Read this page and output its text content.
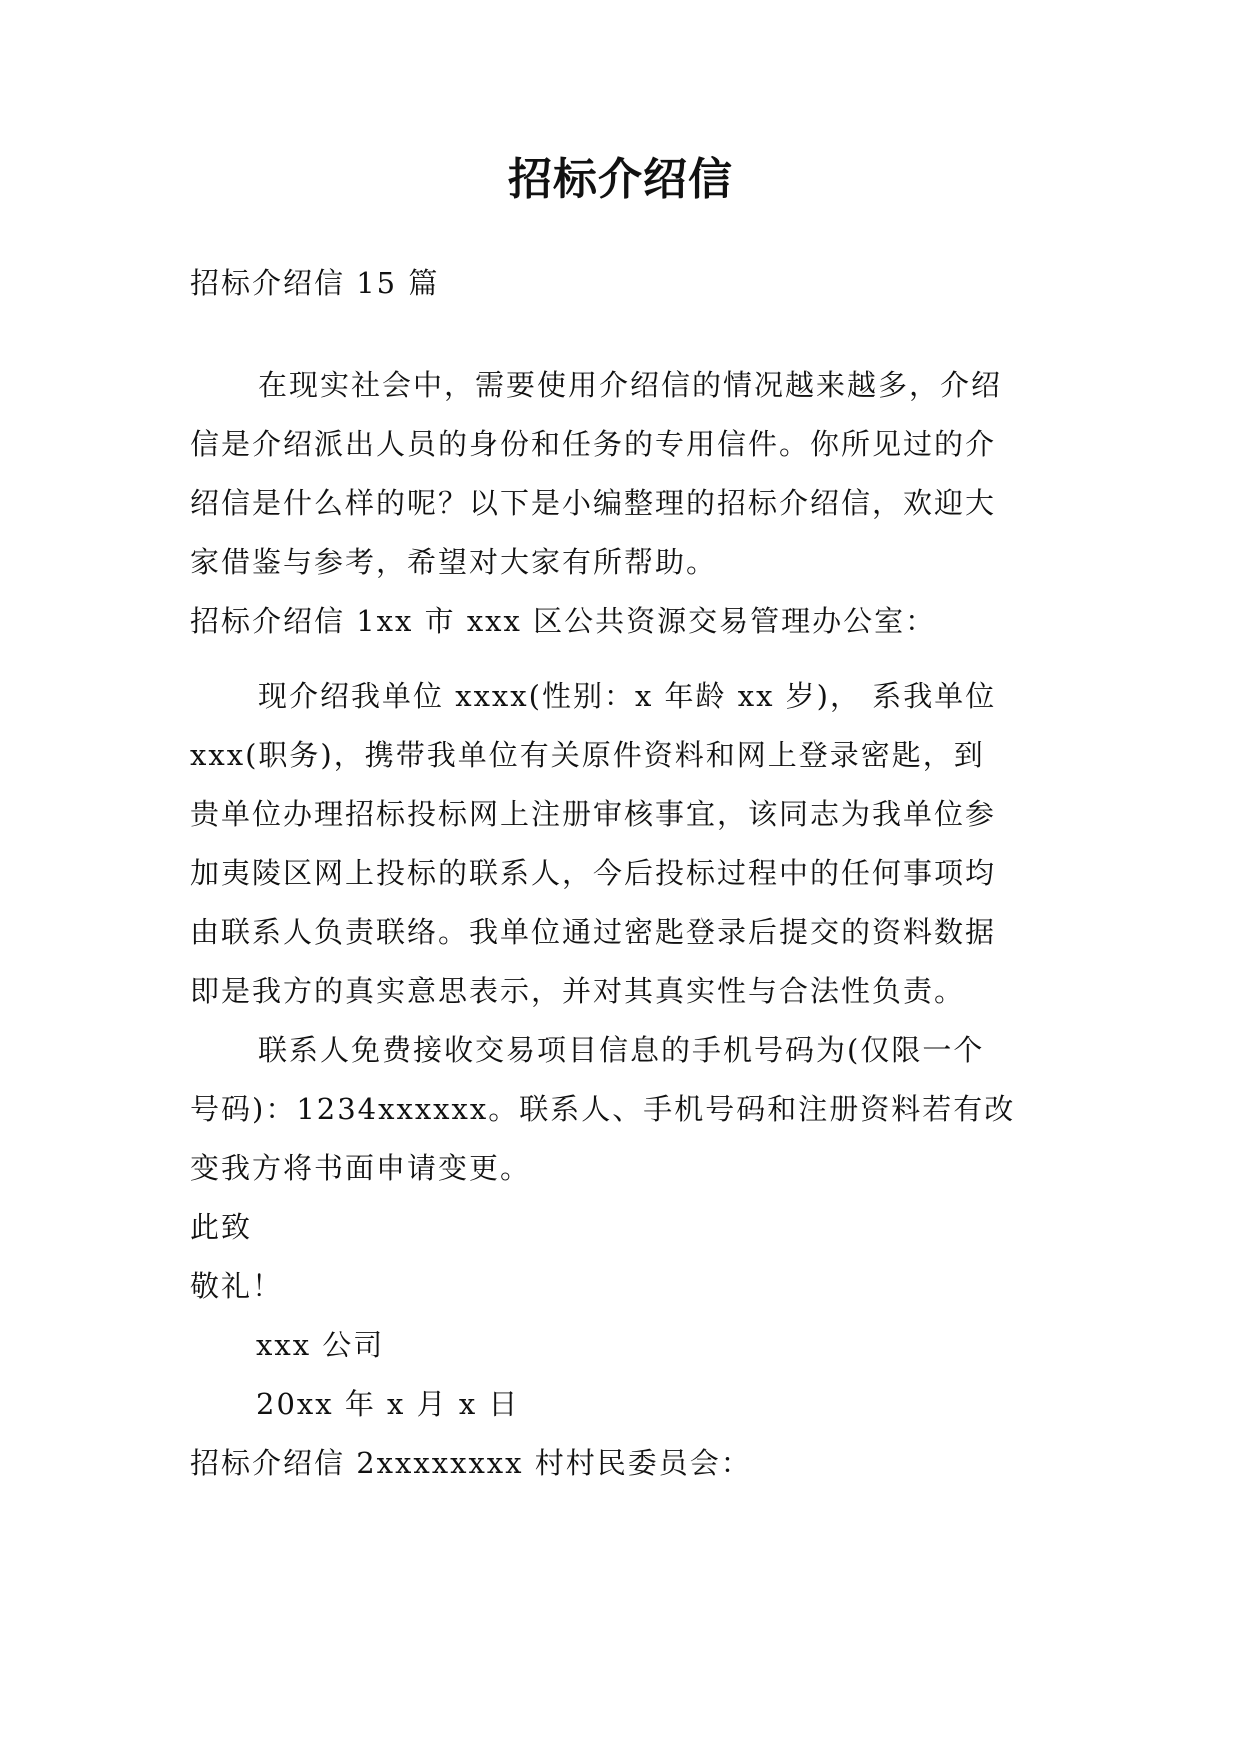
招标介绍信

招标介绍信 15 篇

在现实社会中，需要使用介绍信的情况越来越多，介绍

信是介绍派出人员的身份和任务的专用信件。你所见过的介

绍信是什么样的呢？以下是小编整理的招标介绍信，欢迎大

家借鉴与参考，希望对大家有所帮助。

招标介绍信 1xx 市 xxx 区公共资源交易管理办公室：

现介绍我单位 xxxx(性别：x 年龄 xx 岁)， 系我单位

xxx(职务)，携带我单位有关原件资料和网上登录密匙，到

贵单位办理招标投标网上注册审核事宜，该同志为我单位参

加夷陵区网上投标的联系人，今后投标过程中的任何事项均

由联系人负责联络。我单位通过密匙登录后提交的资料数据

即是我方的真实意思表示，并对其真实性与合法性负责。

联系人免费接收交易项目信息的手机号码为(仅限一个

号码)：1234xxxxxx。联系人、手机号码和注册资料若有改

变我方将书面申请变更。

此致

敬礼！

xxx 公司

20xx 年 x 月 x 日

招标介绍信 2xxxxxxxx 村村民委员会：
